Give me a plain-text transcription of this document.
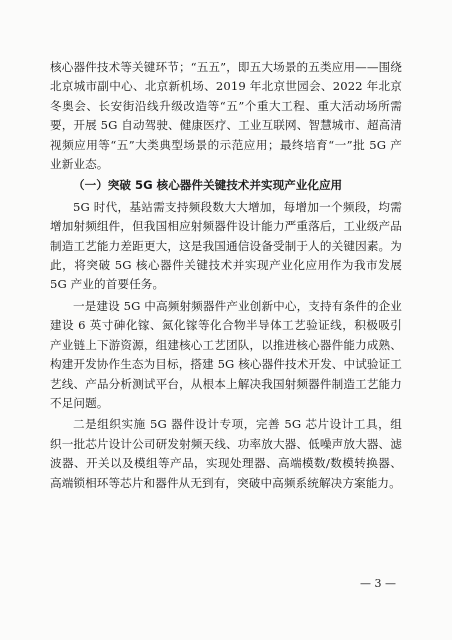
核心器件技术等关键环节；“五五”，即五大场景的五类应用——围绕北京城市副中心、北京新机场、2019 年北京世园会、2022 年北京冬奥会、长安街沿线升级改造等“五”个重大工程、重大活动场所需要，开展 5G 自动驾驶、健康医疗、工业互联网、智慧城市、超高清视频应用等“五”大类典型场景的示范应用；最终培育“一”批 5G 产业新业态。

（一）突破 5G 核心器件关键技术并实现产业化应用

5G 时代，基站需支持频段数大大增加，每增加一个频段，均需增加射频组件，但我国相应射频器件设计能力严重落后，工业级产品制造工艺能力差距更大，这是我国通信设备受制于人的关键因素。为此，将突破 5G 核心器件关键技术并实现产业化应用作为我市发展 5G 产业的首要任务。

一是建设 5G 中高频射频器件产业创新中心，支持有条件的企业建设 6 英寸砷化镓、氮化镓等化合物半导体工艺验证线，积极吸引产业链上下游资源，组建核心工艺团队，以推进核心器件能力成熟、构建开发协作生态为目标，搭建 5G 核心器件技术开发、中试验证工艺线、产品分析测试平台，从根本上解决我国射频器件制造工艺能力不足问题。

二是组织实施 5G 器件设计专项，完善 5G 芯片设计工具，组织一批芯片设计公司研发射频天线、功率放大器、低噪声放大器、滤波器、开关以及模组等产品，实现处理器、高端模数/数模转换器、高端锁相环等芯片和器件从无到有，突破中高频系统解决方案能力。

— 3 —
